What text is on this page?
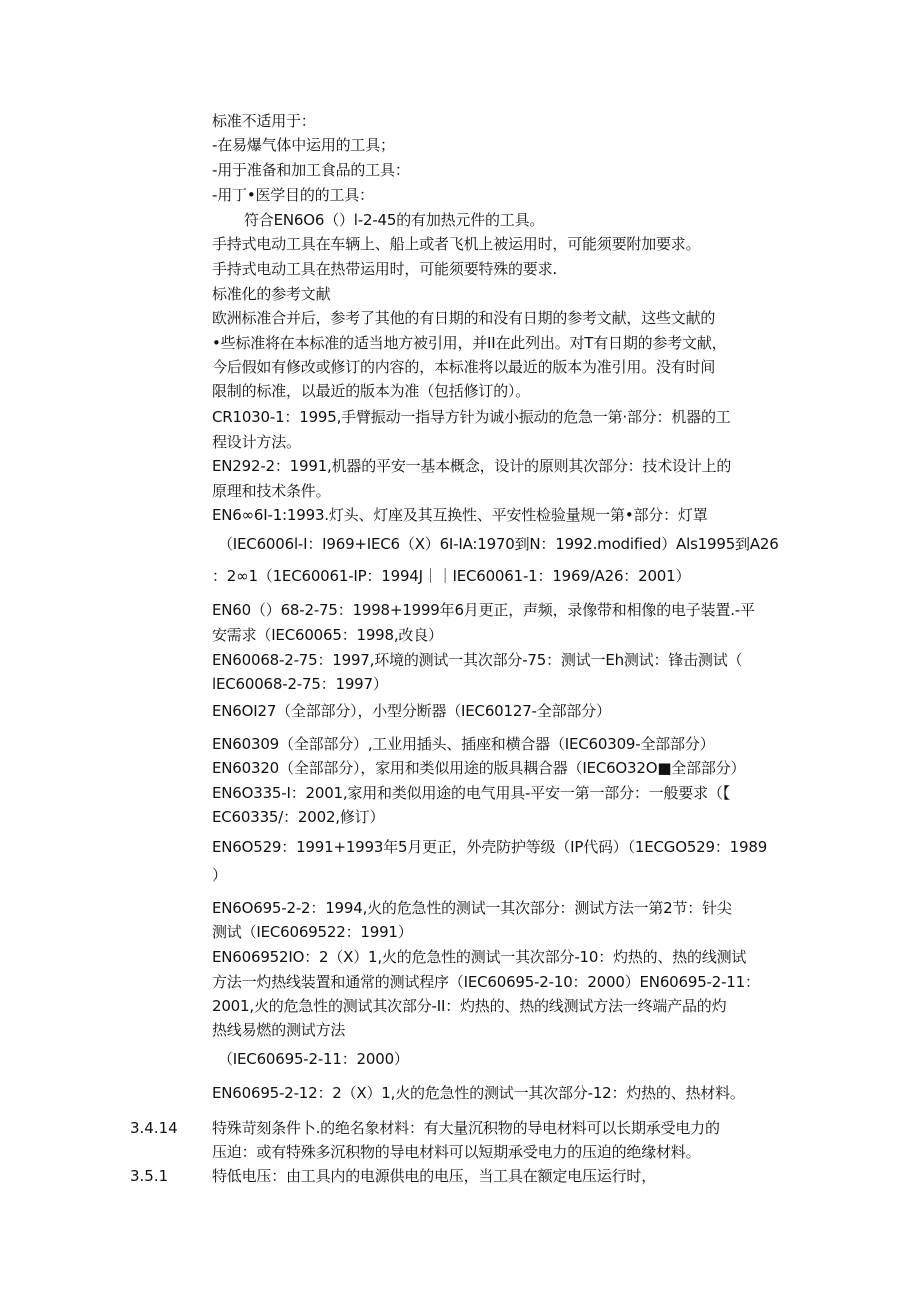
标准不适用于：
-在易爆气体中运用的工具；
-用于准备和加工食品的工具：
-用丁•医学目的的工具：
符合EN6O6（）l-2-45的有加热元件的工具。
手持式电动工具在车辆上、船上或者飞机上被运用时，可能须要附加要求。
手持式电动工具在热带运用时，可能须要特殊的要求.
标准化的参考文献
欧洲标准合并后，参考了其他的有日期的和没有日期的参考文献，这些文献的
•些标准将在本标准的适当地方被引用，并II在此列出。对T有日期的参考文献，
今后假如有修改或修订的内容的，本标准将以最近的版本为准引用。没有时间
限制的标准，以最近的版本为准（包括修订的）。
CR1030-1：1995,手臂振动一指导方针为诚小振动的危急一第·部分：机器的工
程设计方法。
EN292-2：1991,机器的平安一基本概念，设计的原则其次部分：技术设计上的
原理和技术条件。
EN6∞6I-1:1993.灯头、灯座及其互换性、平安性检验量规一第•部分：灯罩
（IEC6006l-I：I969+IEC6（X）6I-IA:1970到N：1992.modified）Als1995到A26
：2∞1（1EC60061-IP：1994J｜｜IEC60061-1：1969/A26：2001）
EN60（）68-2-75：1998+1999年6月更正，声频，录像带和相像的电子装置.-平
安需求（IEC60065：1998,改良）
EN60068-2-75：1997,环境的测试一其次部分-75：测试一Eh测试：锋击测试（
lEC60068-2-75：1997）
EN6OI27（全部部分），小型分断器（IEC60127-全部部分）
EN60309（全部部分）,工业用插头、插座和横合器（IEC60309-全部部分）
EN60320（全部部分），家用和类似用途的版具耦合器（IEC6O32O■全部部分）
EN6O335-I：2001,家用和类似用途的电气用具-平安一第一部分：一般要求（【
EC60335/：2002,修订）
EN6O529：1991+1993年5月更正，外壳防护等级（IP代码）（1ECGO529：1989
）
EN6O695-2-2：1994,火的危急性的测试一其次部分：测试方法一第2节：针尖
测试（IEC6069522：1991）
EN606952IO：2（X）1,火的危急性的测试一其次部分-10：灼热的、热的线测试
方法一灼热线装置和通常的测试程序（IEC60695-2-10：2000）EN60695-2-11：
2001,火的危急性的测试其次部分-II：灼热的、热的线测试方法一终端产品的灼
热线易燃的测试方法
（IEC60695-2-11：2000）
EN60695-2-12：2（X）1,火的危急性的测试一其次部分-12：灼热的、热材料。
3.4.14 特殊苛刻条件卜.的绝名象材料：有大量沉积物的导电材料可以长期承受电力的
压迫：或有特殊多沉积物的导电材料可以短期承受电力的压迫的绝缘材料。
3.5.1	特低电压：由工具内的电源供电的电压，当工具在额定电压运行时，
